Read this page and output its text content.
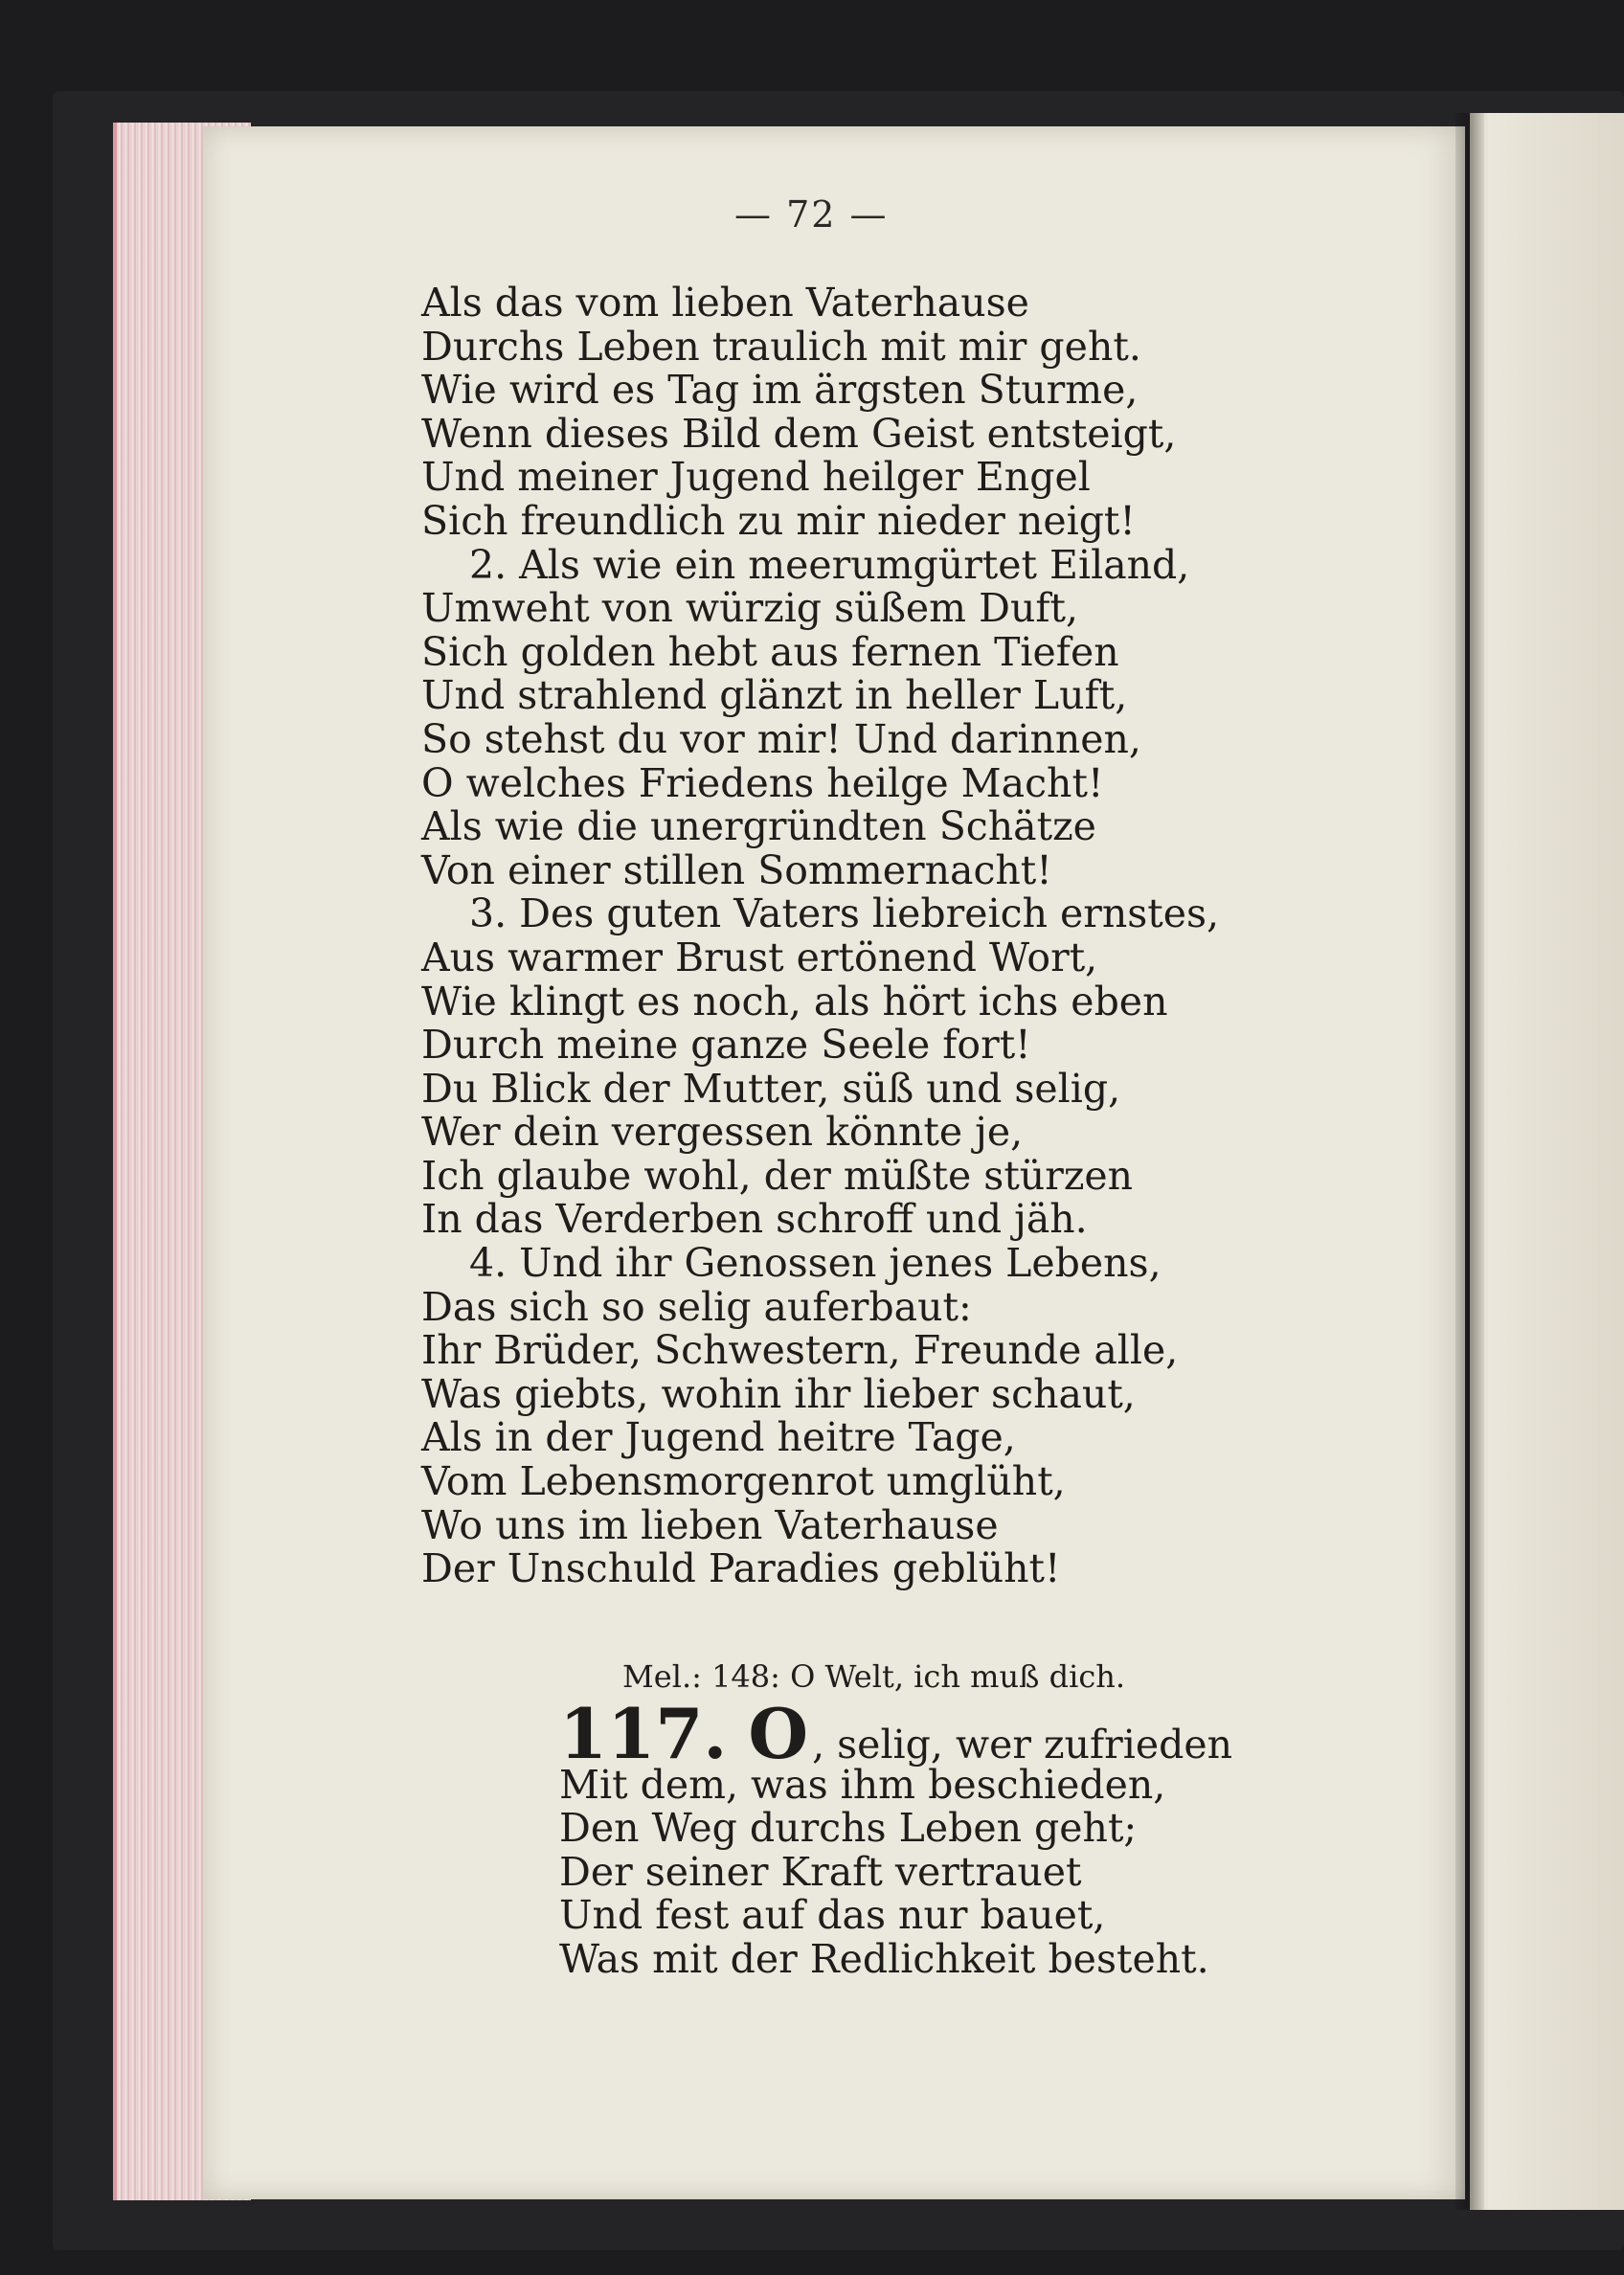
— 72 —
Als das vom lieben Vaterhause
Durchs Leben traulich mit mir geht.
Wie wird es Tag im ärgsten Sturme,
Wenn dieses Bild dem Geist entsteigt,
Und meiner Jugend heilger Engel
Sich freundlich zu mir nieder neigt!
2. Als wie ein meerumgürtet Eiland,
Umweht von würzig süßem Duft,
Sich golden hebt aus fernen Tiefen
Und strahlend glänzt in heller Luft,
So stehst du vor mir! Und darinnen,
O welches Friedens heilge Macht!
Als wie die unergründten Schätze
Von einer stillen Sommernacht!
3. Des guten Vaters liebreich ernstes,
Aus warmer Brust ertönend Wort,
Wie klingt es noch, als hört ichs eben
Durch meine ganze Seele fort!
Du Blick der Mutter, süß und selig,
Wer dein vergessen könnte je,
Ich glaube wohl, der müßte stürzen
In das Verderben schroff und jäh.
4. Und ihr Genossen jenes Lebens,
Das sich so selig auferbaut:
Ihr Brüder, Schwestern, Freunde alle,
Was giebts, wohin ihr lieber schaut,
Als in der Jugend heitre Tage,
Vom Lebensmorgenrot umglüht,
Wo uns im lieben Vaterhause
Der Unschuld Paradies geblüht!
Mel.: 148: O Welt, ich muß dich.
117. O , selig, wer zufrieden
Mit dem, was ihm beschieden,
Den Weg durchs Leben geht;
Der seiner Kraft vertrauet
Und fest auf das nur bauet,
Was mit der Redlichkeit besteht.
